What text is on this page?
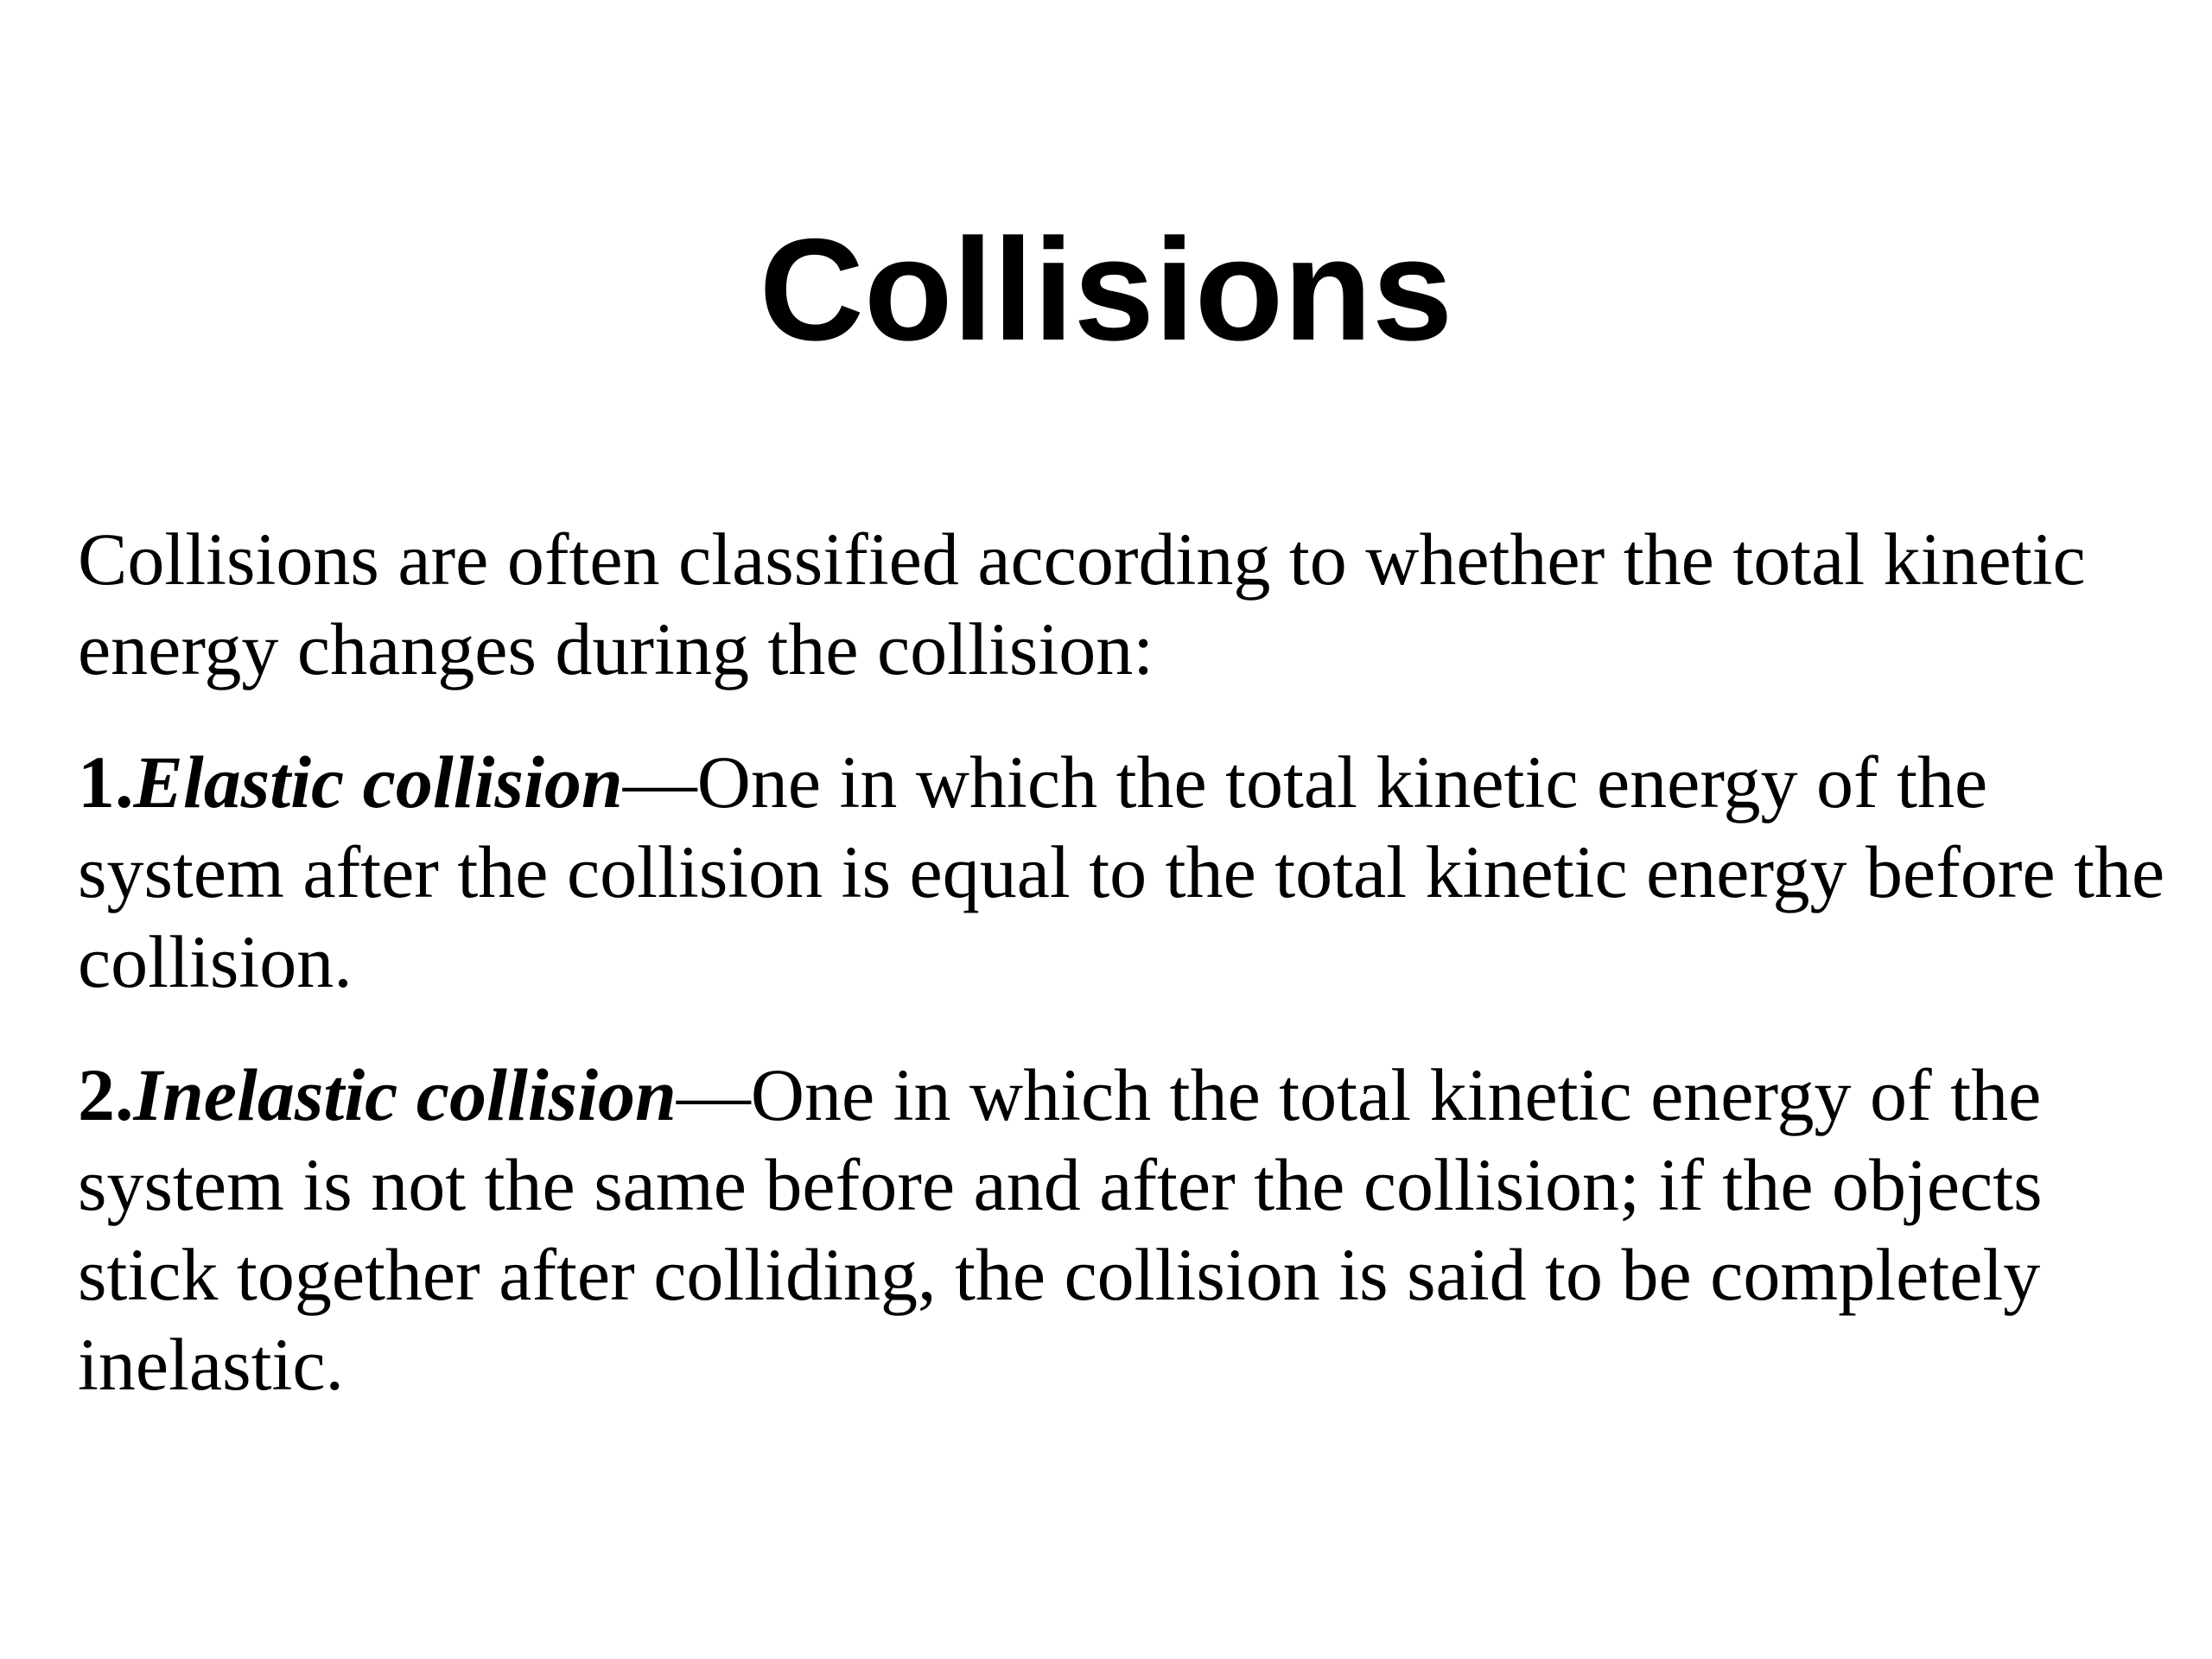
Collisions

Collisions are often classified according to whether the total kinetic energy changes during the collision:

1.Elastic collision—One in which the total kinetic energy of the system after the collision is equal to the total kinetic energy before the collision.

2.Inelastic collision—One in which the total kinetic energy of the system is not the same before and after the collision; if the objects stick together after colliding, the collision is said to be completely inelastic.
